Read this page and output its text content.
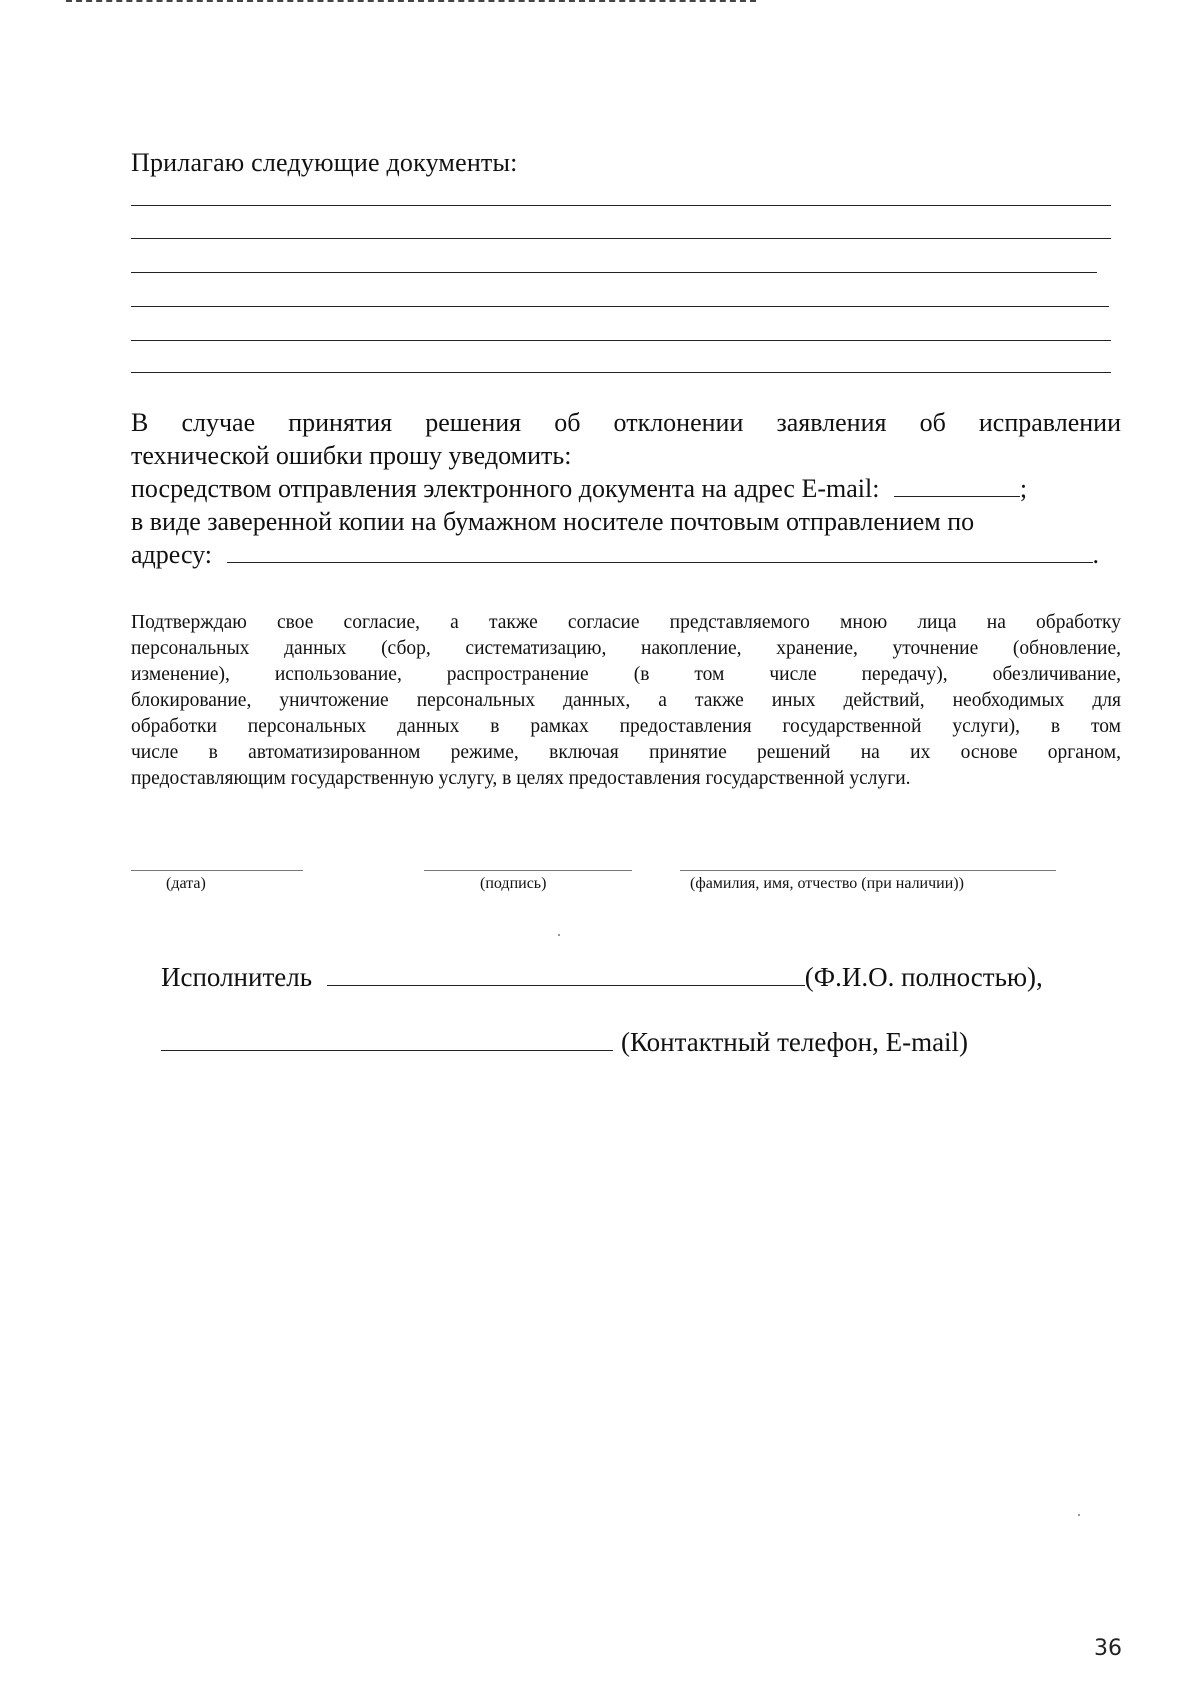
Прилагаю следующие документы:
В случае принятия решения об отклонении заявления об исправлении
технической ошибки прошу уведомить:
посредством отправления электронного документа на адрес E-mail:	;
в виде заверенной копии на бумажном носителе почтовым отправлением по
адресу:	.
Подтверждаю свое согласие, а также согласие представляемого мною лица на обработку
персональных данных (сбор, систематизацию, накопление, хранение, уточнение (обновление,
изменение), использование, распространение (в том числе передачу), обезличивание,
блокирование, уничтожение персональных данных, а также иных действий, необходимых для
обработки персональных данных в рамках предоставления государственной услуги), в том
числе в автоматизированном режиме, включая принятие решений на их основе органом,
предоставляющим государственную услугу, в целях предоставления государственной услуги.
(дата)	(подпись)	(фамилия, имя, отчество (при наличии))
Исполнитель	(Ф.И.О. полностью),
(Контактный телефон, E-mail)
36
